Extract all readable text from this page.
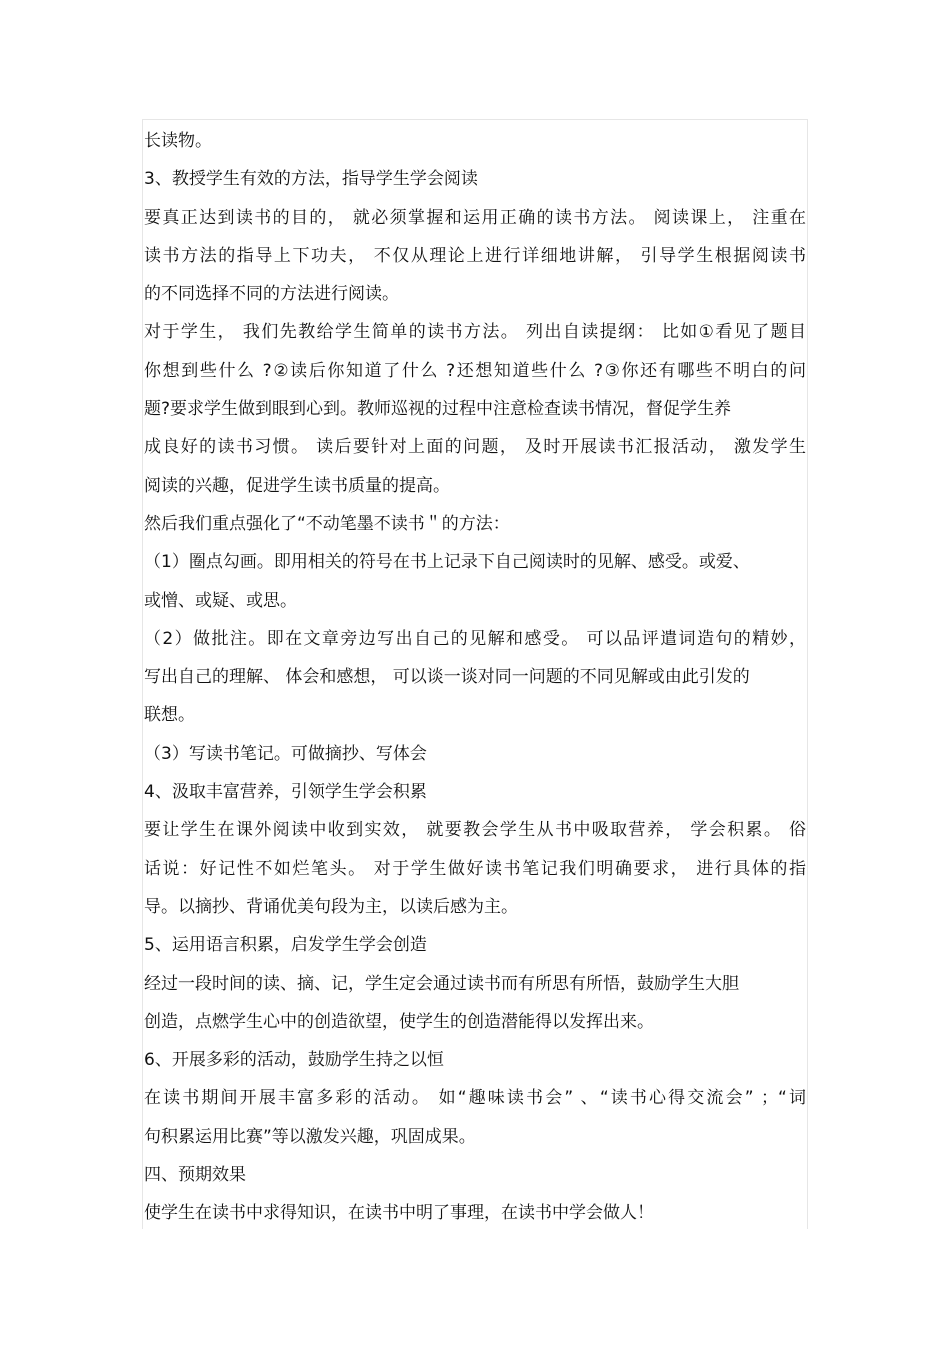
长读物。
3、教授学生有效的方法，指导学生学会阅读
要真正达到读书的目的， 就必须掌握和运用正确的读书方法。 阅读课上， 注重在
读书方法的指导上下功夫， 不仅从理论上进行详细地讲解， 引导学生根据阅读书
的不同选择不同的方法进行阅读。
对于学生， 我们先教给学生简单的读书方法。 列出自读提纲： 比如①看见了题目
你想到些什么 ?②读后你知道了什么 ?还想知道些什么 ?③你还有哪些不明白的问
题?要求学生做到眼到心到。教师巡视的过程中注意检查读书情况，督促学生养
成良好的读书习惯。 读后要针对上面的问题， 及时开展读书汇报活动， 激发学生
阅读的兴趣，促进学生读书质量的提高。
然后我们重点强化了“不动笔墨不读书＂的方法：
（1）圈点勾画。即用相关的符号在书上记录下自己阅读时的见解、感受。或爱、
或憎、或疑、或思。
（2）做批注。即在文章旁边写出自己的见解和感受。 可以品评遣词造句的精妙，
写出自己的理解、 体会和感想， 可以谈一谈对同一问题的不同见解或由此引发的
联想。
（3）写读书笔记。可做摘抄、写体会
4、汲取丰富营养，引领学生学会积累
要让学生在课外阅读中收到实效， 就要教会学生从书中吸取营养， 学会积累。 俗
话说：好记性不如烂笔头。 对于学生做好读书笔记我们明确要求， 进行具体的指
导。以摘抄、背诵优美句段为主，以读后感为主。
5、运用语言积累，启发学生学会创造
经过一段时间的读、摘、记，学生定会通过读书而有所思有所悟，鼓励学生大胆
创造，点燃学生心中的创造欲望，使学生的创造潜能得以发挥出来。
6、开展多彩的活动，鼓励学生持之以恒
在读书期间开展丰富多彩的活动。 如“趣味读书会” 、“读书心得交流会” ；“词
句积累运用比赛”等以激发兴趣，巩固成果。
四、预期效果
使学生在读书中求得知识，在读书中明了事理，在读书中学会做人！
